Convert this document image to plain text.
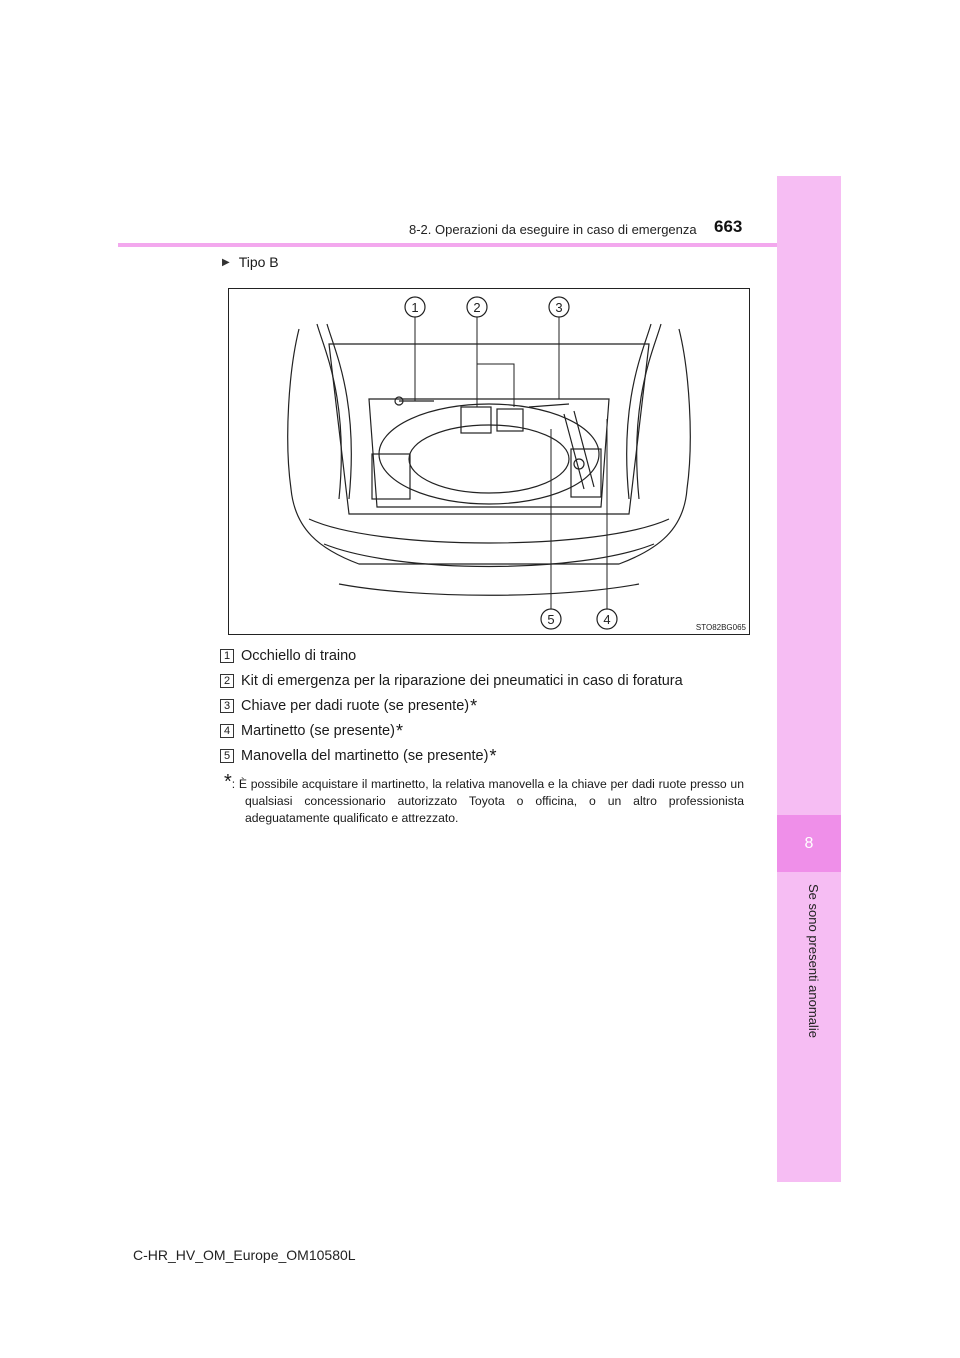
8
Se sono presenti anomalie
8-2. Operazioni da eseguire in caso di emergenza 663
▶ Tipo B
1	2	3
5	4
STO82BG065
1 Occhiello di traino
2 Kit di emergenza per la riparazione dei pneumatici in caso di foratura
3 Chiave per dadi ruote (se presente) *
4 Martinetto (se presente) *
5 Manovella del martinetto (se presente) *
*: È possibile acquistare il martinetto, la relativa manovella e la chiave per dadi ruote presso un qualsiasi concessionario autorizzato Toyota o officina, o un altro professionista adeguatamente qualificato e attrezzato.
C-HR_HV_OM_Europe_OM10580L
